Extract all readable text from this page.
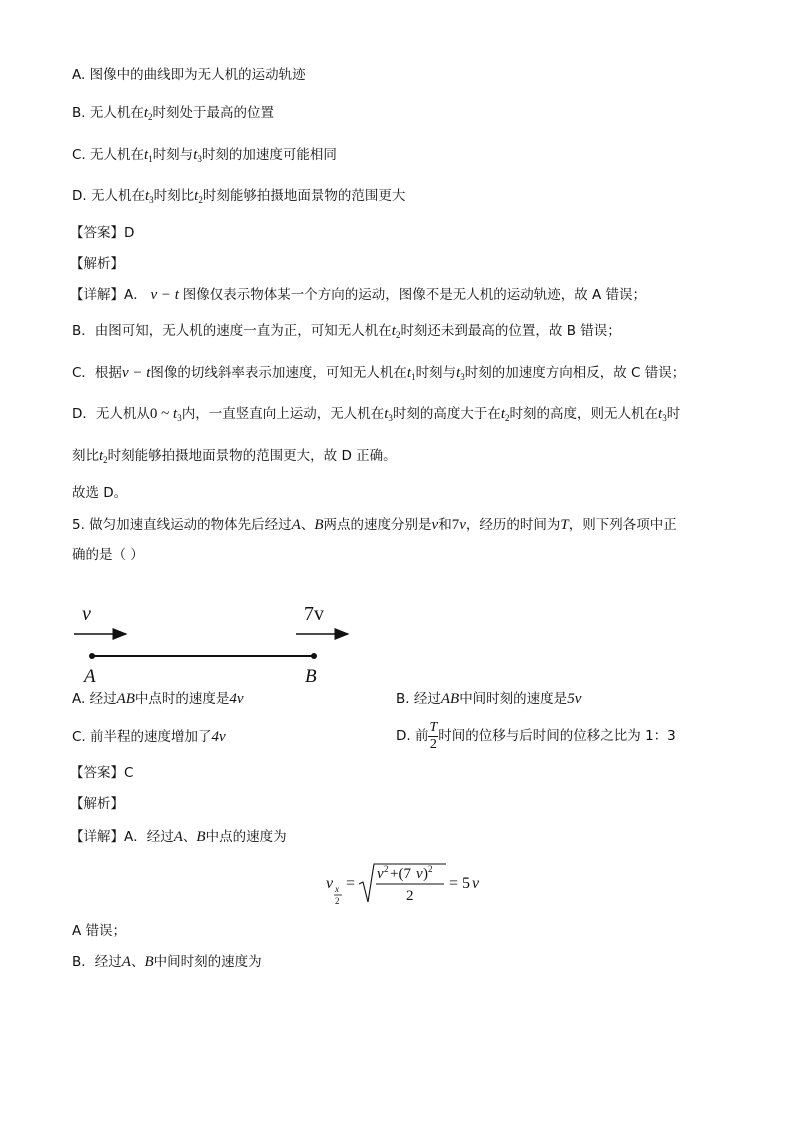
A. 图像中的曲线即为无人机的运动轨迹
B. 无人机在$t_2$时刻处于最高的位置
C. 无人机在$t_1$时刻与$t_3$时刻的加速度可能相同
D. 无人机在$t_3$时刻比$t_2$时刻能够拍摄地面景物的范围更大
【答案】D
【解析】
【详解】A． v − t 图像仅表示物体某一个方向的运动，图像不是无人机的运动轨迹，故 A 错误；
B．由图可知，无人机的速度一直为正，可知无人机在$t_2$时刻还未到最高的位置，故 B 错误；
C．根据v − t图像的切线斜率表示加速度，可知无人机在$t_1$时刻与$t_3$时刻的加速度方向相反，故 C 错误；
D．无人机从0 ~ $t_3$内，一直竖直向上运动，无人机在$t_3$时刻的高度大于在$t_2$时刻的高度，则无人机在$t_3$时
刻比$t_2$时刻能够拍摄地面景物的范围更大，故 D 正确。
故选 D。
5. 做匀加速直线运动的物体先后经过A、B两点的速度分别是v和7v，经历的时间为T，则下列各项中正
确的是（ ）
v	7v
A	B
A. 经过AB中点时的速度是4v	B. 经过AB中间时刻的速度是5v
C. 前半程的速度增加了4v	D. 前 $\frac{T}{2}$ 时间的位移与后时间的位移之比为 1：3
【答案】C
【解析】
【详解】A．经过A、B中点的速度为
v x
2
=
v 2 +(7 v ) 2
2
= 5 v
A 错误；
B．经过A、B中间时刻的速度为
